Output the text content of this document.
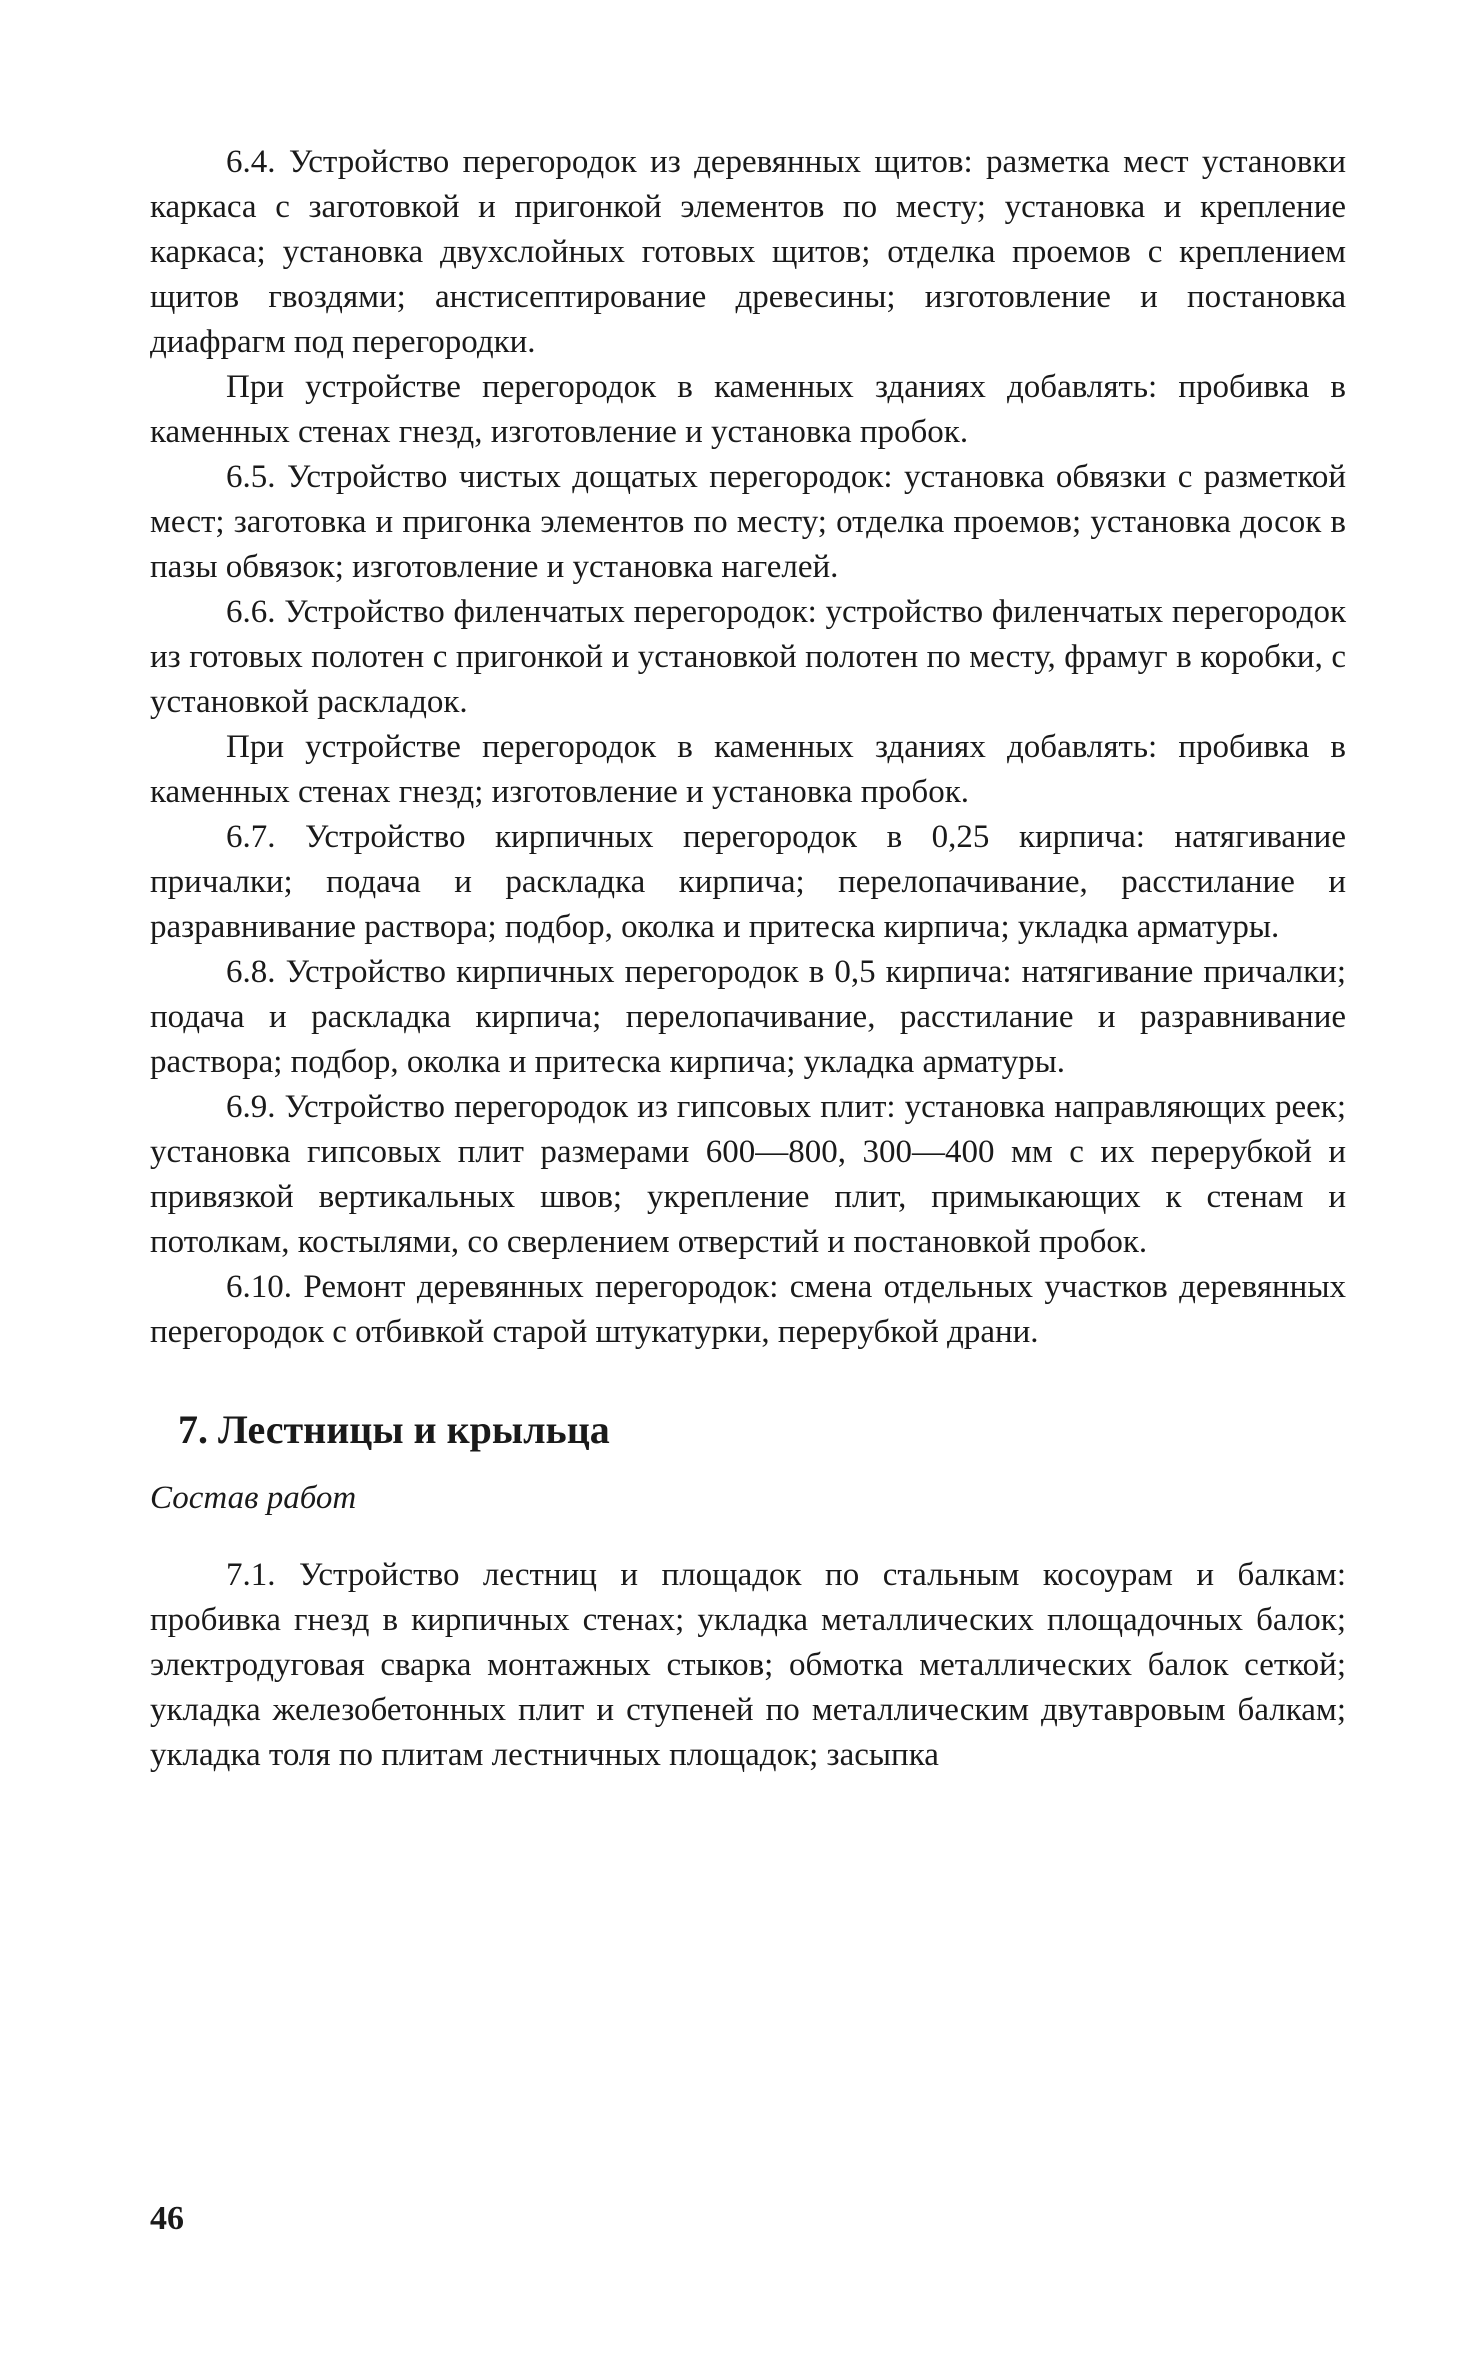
6.4. Устройство перегородок из деревянных щитов: разметка мест установки каркаса с заготовкой и пригонкой элементов по месту; установка и крепление каркаса; установка двухслойных готовых щитов; отделка проемов с креплением щитов гвоздями; анстисептирование древесины; изготовление и постановка диафрагм под перегородки.

При устройстве перегородок в каменных зданиях добавлять: пробивка в каменных стенах гнезд, изготовление и установка пробок.

6.5. Устройство чистых дощатых перегородок: установка обвязки с разметкой мест; заготовка и пригонка элементов по месту; отделка проемов; установка досок в пазы обвязок; изготовление и установка нагелей.

6.6. Устройство филенчатых перегородок: устройство филенчатых перегородок из готовых полотен с пригонкой и установкой полотен по месту, фрамуг в коробки, с установкой раскладок.

При устройстве перегородок в каменных зданиях добавлять: пробивка в каменных стенах гнезд; изготовление и установка пробок.

6.7. Устройство кирпичных перегородок в 0,25 кирпича: натягивание причалки; подача и раскладка кирпича; перелопачивание, расстилание и разравнивание раствора; подбор, околка и притеска кирпича; укладка арматуры.

6.8. Устройство кирпичных перегородок в 0,5 кирпича: натягивание причалки; подача и раскладка кирпича; перелопачивание, расстилание и разравнивание раствора; подбор, околка и притеска кирпича; укладка арматуры.

6.9. Устройство перегородок из гипсовых плит: установка направляющих реек; установка гипсовых плит размерами 600—800, 300—400 мм с их перерубкой и привязкой вертикальных швов; укрепление плит, примыкающих к стенам и потолкам, костылями, со сверлением отверстий и постановкой пробок.

6.10. Ремонт деревянных перегородок: смена отдельных участков деревянных перегородок с отбивкой старой штукатурки, перерубкой драни.

7. Лестницы и крыльца
Состав работ

7.1. Устройство лестниц и площадок по стальным косоурам и балкам: пробивка гнезд в кирпичных стенах; укладка металлических площадочных балок; электродуговая сварка монтажных стыков; обмотка металлических балок сеткой; укладка железобетонных плит и ступеней по металлическим двутавровым балкам; укладка толя по плитам лестничных площадок; засыпка

46
